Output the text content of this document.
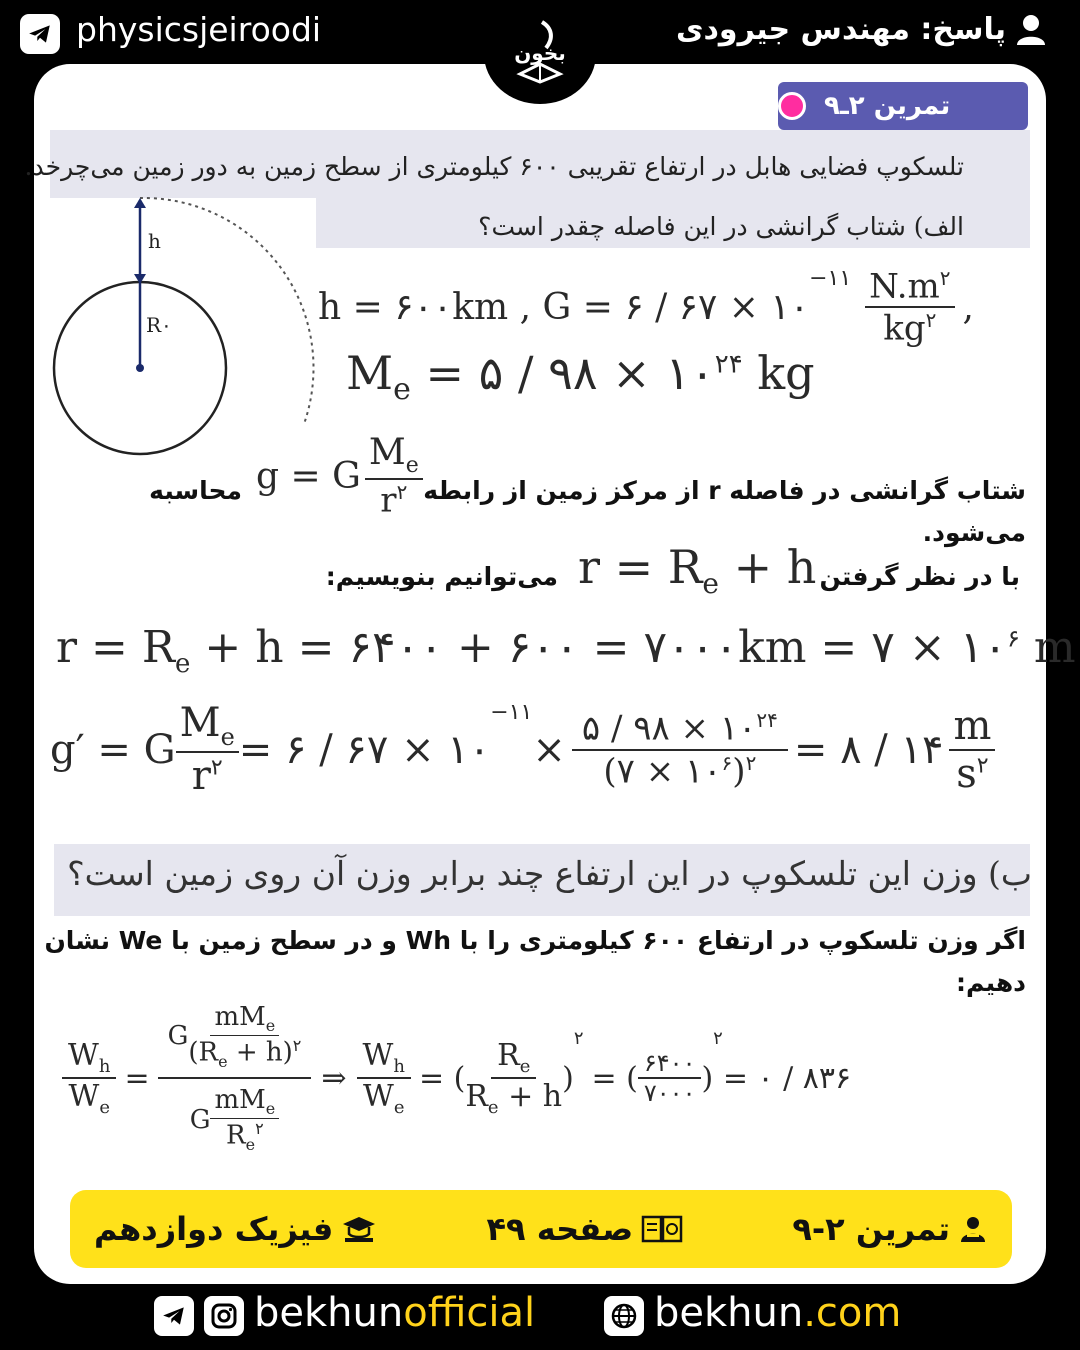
physicsjeiroodi	پاسخ: مهندس جیرودی
بخون
تمرین ۲ـ۹
تلسکوپ فضایی هابل در ارتفاع تقریبی ۶۰۰ کیلومتری از سطح زمین به دور زمین می‌چرخد.
الف) شتاب گرانشی در این فاصله چقدر است؟
h
R۰	h = ۶۰۰km , G = ۶ / ۶۷ × ۱۰
$^{-۱۱} \frac{N.m^۲}{kg^۲}$ ,
$M_e$ = ۵ / ۹۸ × $۱۰^{۲۴}$ kg
شتاب گرانشی در فاصله r از مرکز زمین از رابطه
g = G $\frac{M_e}{r^۲}$
محاسبه
می‌شود.
با در نظر گرفتن
$r = R_e + h$
می‌توانیم بنویسیم:
$r = R_e + h$ = ۶۴۰۰ + ۶۰۰ = ۷۰۰۰km = ۷ × $۱۰^۶$ m
g′ = G $\frac{M_e}{r^۲}$ = ۶ / ۶۷ × ۱۰
−۱۱
× $\frac{۵ / ۹۸ \times ۱۰^{۲۴}}{(۷ \times ۱۰^۶)^۲}$ = ۸ / ۱۴ $\frac{m}{s^۲}$
ب) وزن این تلسکوپ در این ارتفاع چند برابر وزن آن روی زمین است؟
اگر وزن تلسکوپ در ارتفاع ۶۰۰ کیلومتری را با Wh و در سطح زمین با We نشان
دهیم:
$\frac{W_h}{W_e} = \frac{G \frac{mM_e}{(R_e + h)^۲}}{G \frac{mM_e}{R_e^۲}}$ ⇒ $\frac{W_h}{W_e}$ = ( $\frac{R_e}{R_e + h}$ )
۲
= ( $\frac{۶۴۰۰}{۷۰۰۰}$ )
۲
= ۰ / ۸۳۶
تمرین ۲-۹
صفحه ۴۹
فیزیک دوازدهم
bekhunofficial	bekhun.com
